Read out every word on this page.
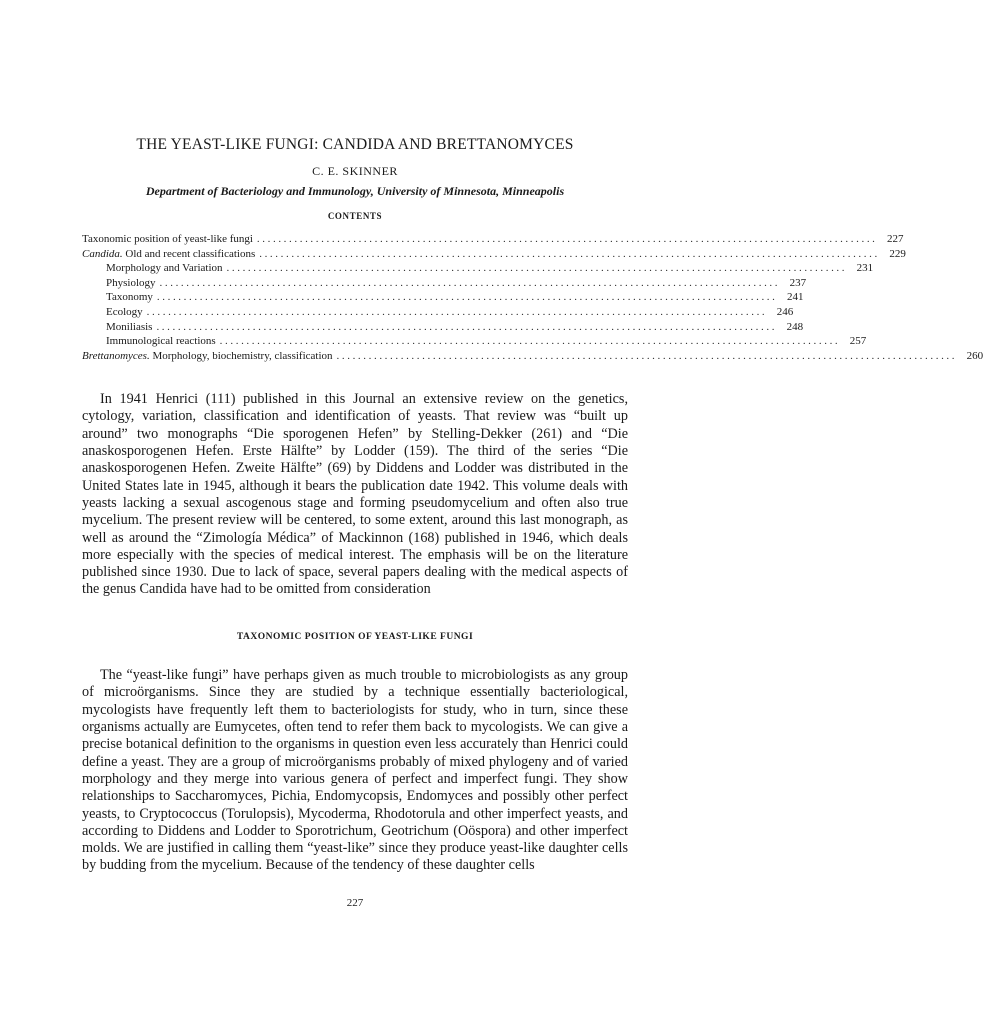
THE YEAST-LIKE FUNGI: CANDIDA AND BRETTANOMYCES
C. E. SKINNER
Department of Bacteriology and Immunology, University of Minnesota, Minneapolis
CONTENTS
Taxonomic position of yeast-like fungi .................................................................................................................... 227
Candida. Old and recent classifications .................................................................................................................... 229
Morphology and Variation .................................................................................................................... 231
Physiology .................................................................................................................... 237
Taxonomy .................................................................................................................... 241
Ecology .................................................................................................................... 246
Moniliasis .................................................................................................................... 248
Immunological reactions .................................................................................................................... 257
Brettanomyces. Morphology, biochemistry, classification .................................................................................................................... 260

In 1941 Henrici (111) published in this Journal an extensive review on the genetics, cytology, variation, classification and identification of yeasts. That review was “built up around” two monographs “Die sporogenen Hefen” by Stelling-Dekker (261) and “Die anaskosporogenen Hefen. Erste Hälfte” by Lodder (159). The third of the series “Die anaskosporogenen Hefen. Zweite Hälfte” (69) by Diddens and Lodder was distributed in the United States late in 1945, although it bears the publication date 1942. This volume deals with yeasts lacking a sexual ascogenous stage and forming pseudomycelium and often also true mycelium. The present review will be centered, to some extent, around this last monograph, as well as around the “Zimología Médica” of Mackinnon (168) published in 1946, which deals more especially with the species of medical interest. The emphasis will be on the literature published since 1930. Due to lack of space, several papers dealing with the medical aspects of the genus Candida have had to be omitted from consideration

TAXONOMIC POSITION OF YEAST-LIKE FUNGI

The “yeast-like fungi” have perhaps given as much trouble to microbiologists as any group of microörganisms. Since they are studied by a technique essentially bacteriological, mycologists have frequently left them to bacteriologists for study, who in turn, since these organisms actually are Eumycetes, often tend to refer them back to mycologists. We can give a precise botanical definition to the organisms in question even less accurately than Henrici could define a yeast. They are a group of microörganisms probably of mixed phylogeny and of varied morphology and they merge into various genera of perfect and imperfect fungi. They show relationships to Saccharomyces, Pichia, Endomycopsis, Endomyces and possibly other perfect yeasts, to Cryptococcus (Torulopsis), Mycoderma, Rhodotorula and other imperfect yeasts, and according to Diddens and Lodder to Sporotrichum, Geotrichum (Oöspora) and other imperfect molds. We are justified in calling them “yeast-like” since they produce yeast-like daughter cells by budding from the mycelium. Because of the tendency of these daughter cells

227
